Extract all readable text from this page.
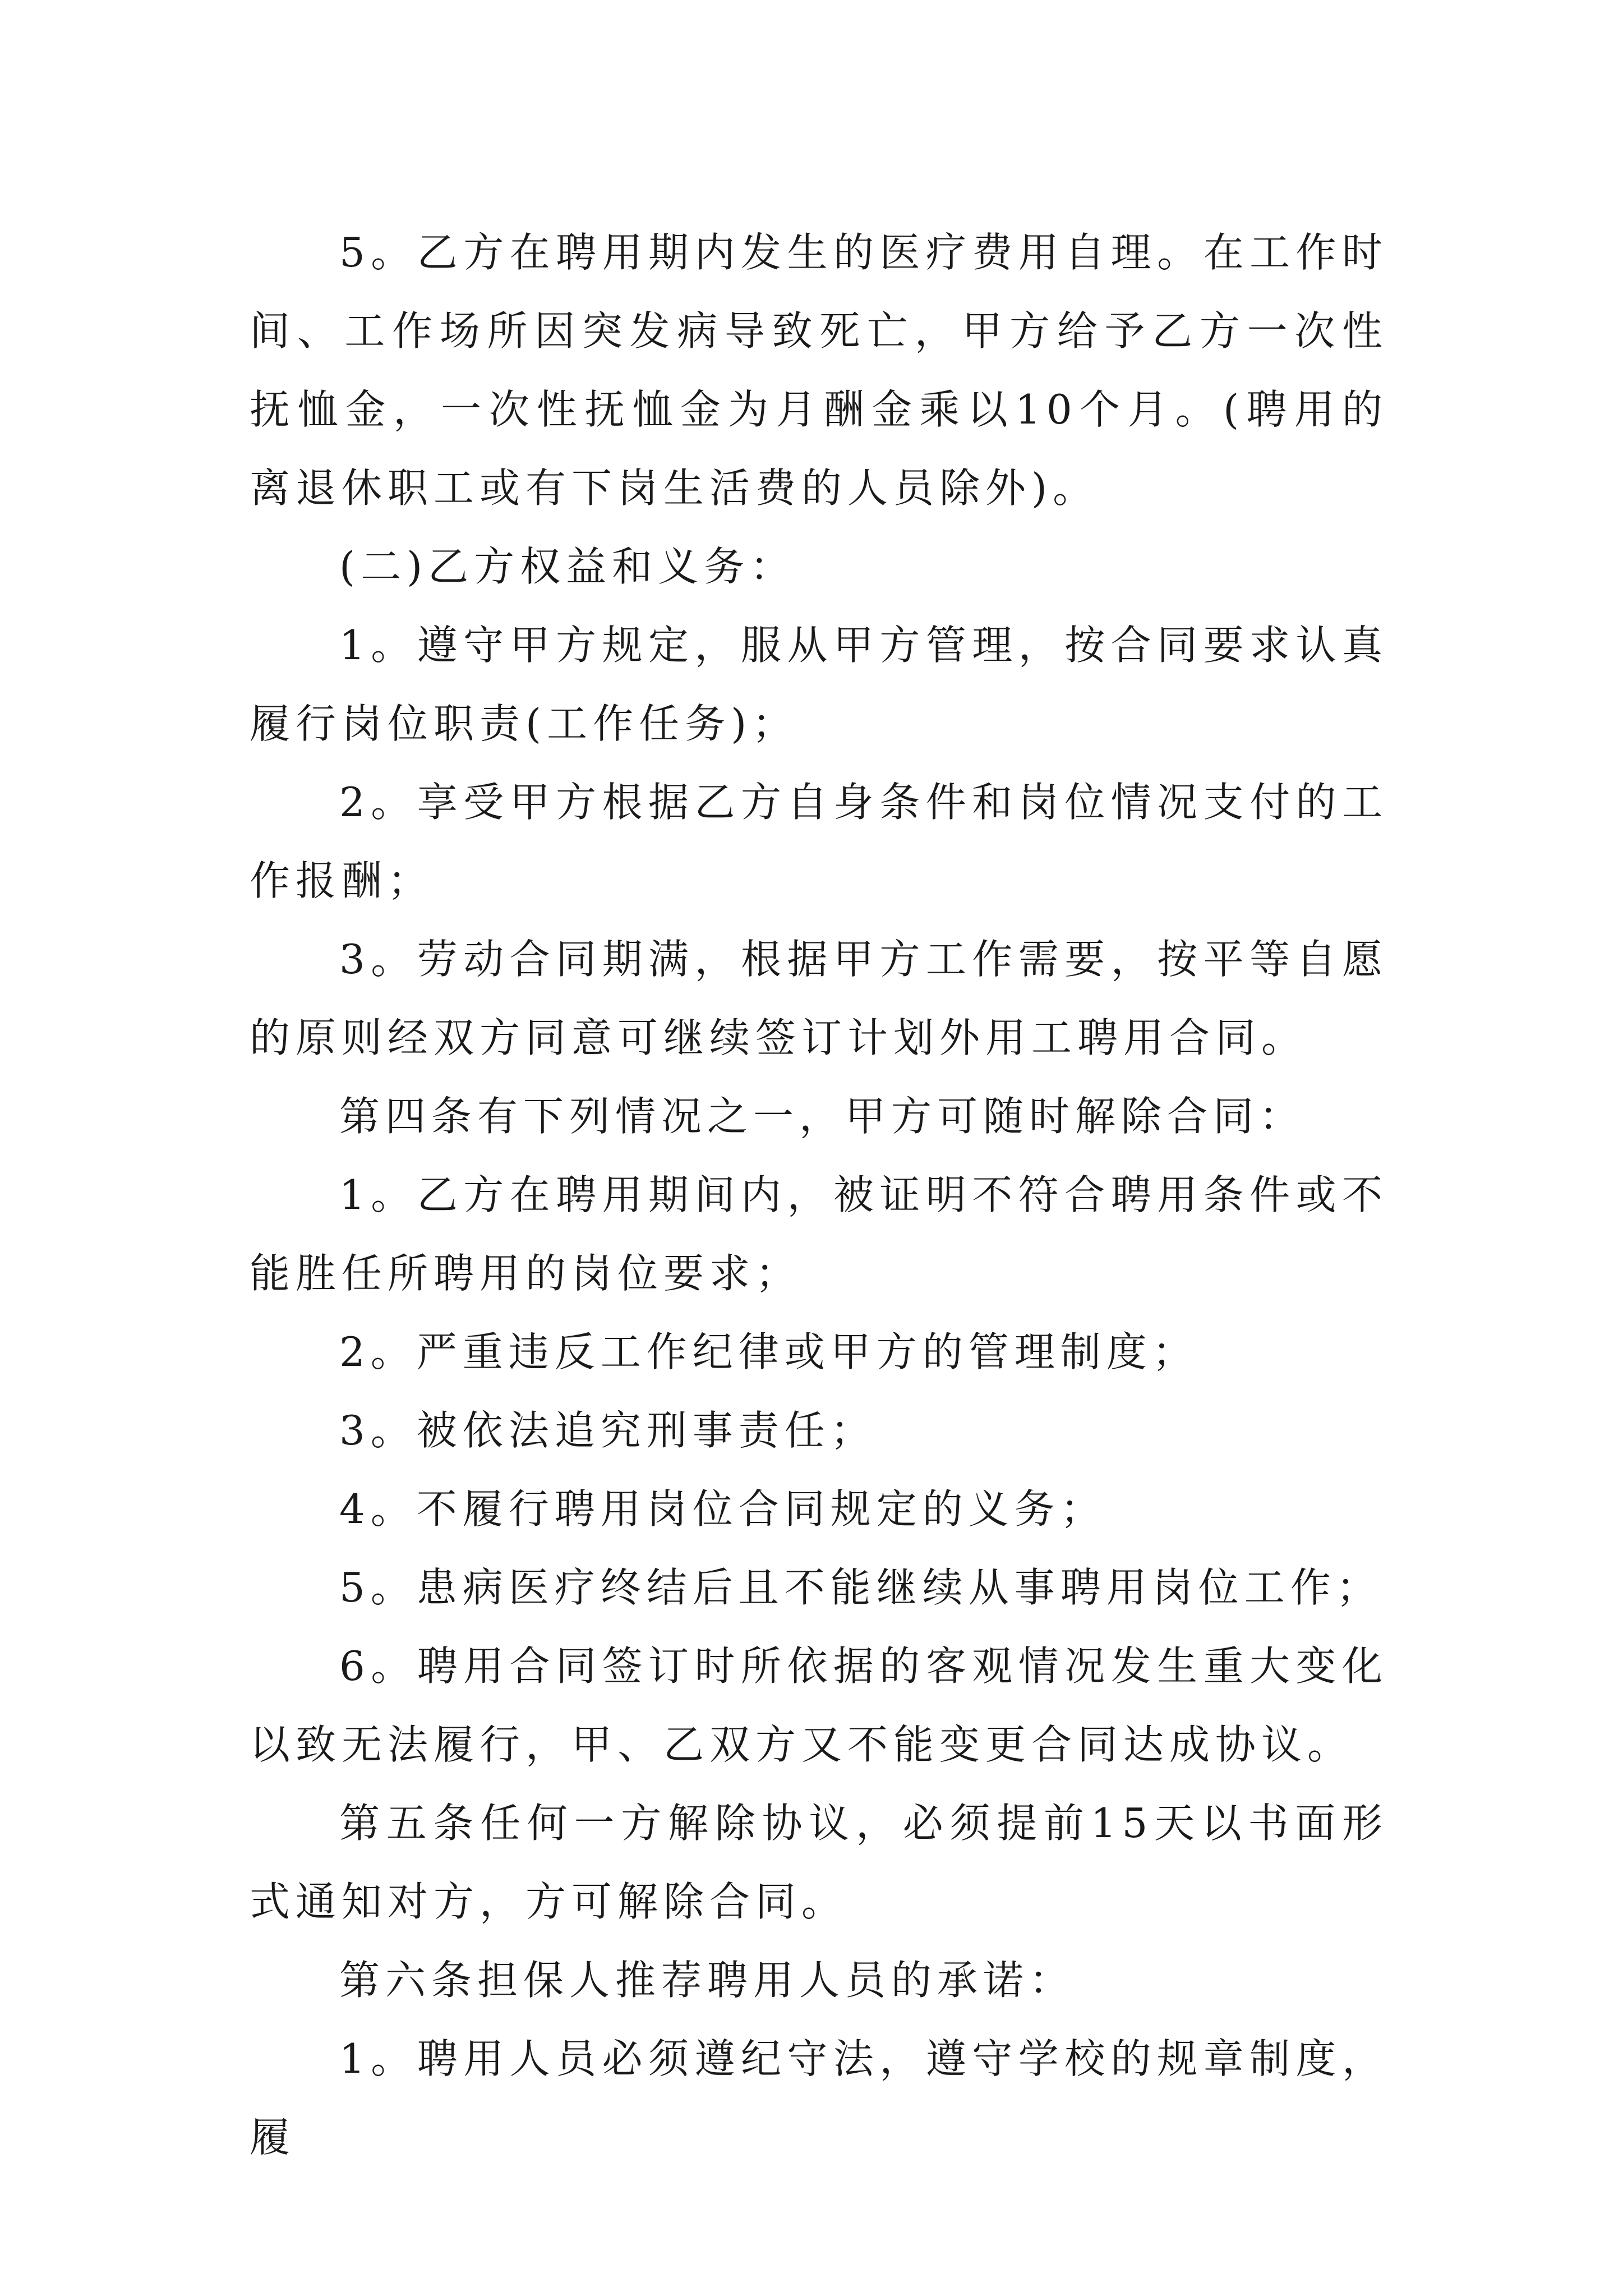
5。乙方在聘用期内发生的医疗费用自理。在工作时间、工作场所因突发病导致死亡，甲方给予乙方一次性抚恤金，一次性抚恤金为月酬金乘以10个月。(聘用的离退休职工或有下岗生活费的人员除外)。

(二)乙方权益和义务：

1。遵守甲方规定，服从甲方管理，按合同要求认真履行岗位职责(工作任务)；

2。享受甲方根据乙方自身条件和岗位情况支付的工作报酬；

3。劳动合同期满，根据甲方工作需要，按平等自愿的原则经双方同意可继续签订计划外用工聘用合同。

第四条有下列情况之一，甲方可随时解除合同：

1。乙方在聘用期间内，被证明不符合聘用条件或不能胜任所聘用的岗位要求；

2。严重违反工作纪律或甲方的管理制度；

3。被依法追究刑事责任；

4。不履行聘用岗位合同规定的义务；

5。患病医疗终结后且不能继续从事聘用岗位工作；

6。聘用合同签订时所依据的客观情况发生重大变化以致无法履行，甲、乙双方又不能变更合同达成协议。

第五条任何一方解除协议，必须提前15天以书面形式通知对方，方可解除合同。

第六条担保人推荐聘用人员的承诺：

1。聘用人员必须遵纪守法，遵守学校的规章制度，履
